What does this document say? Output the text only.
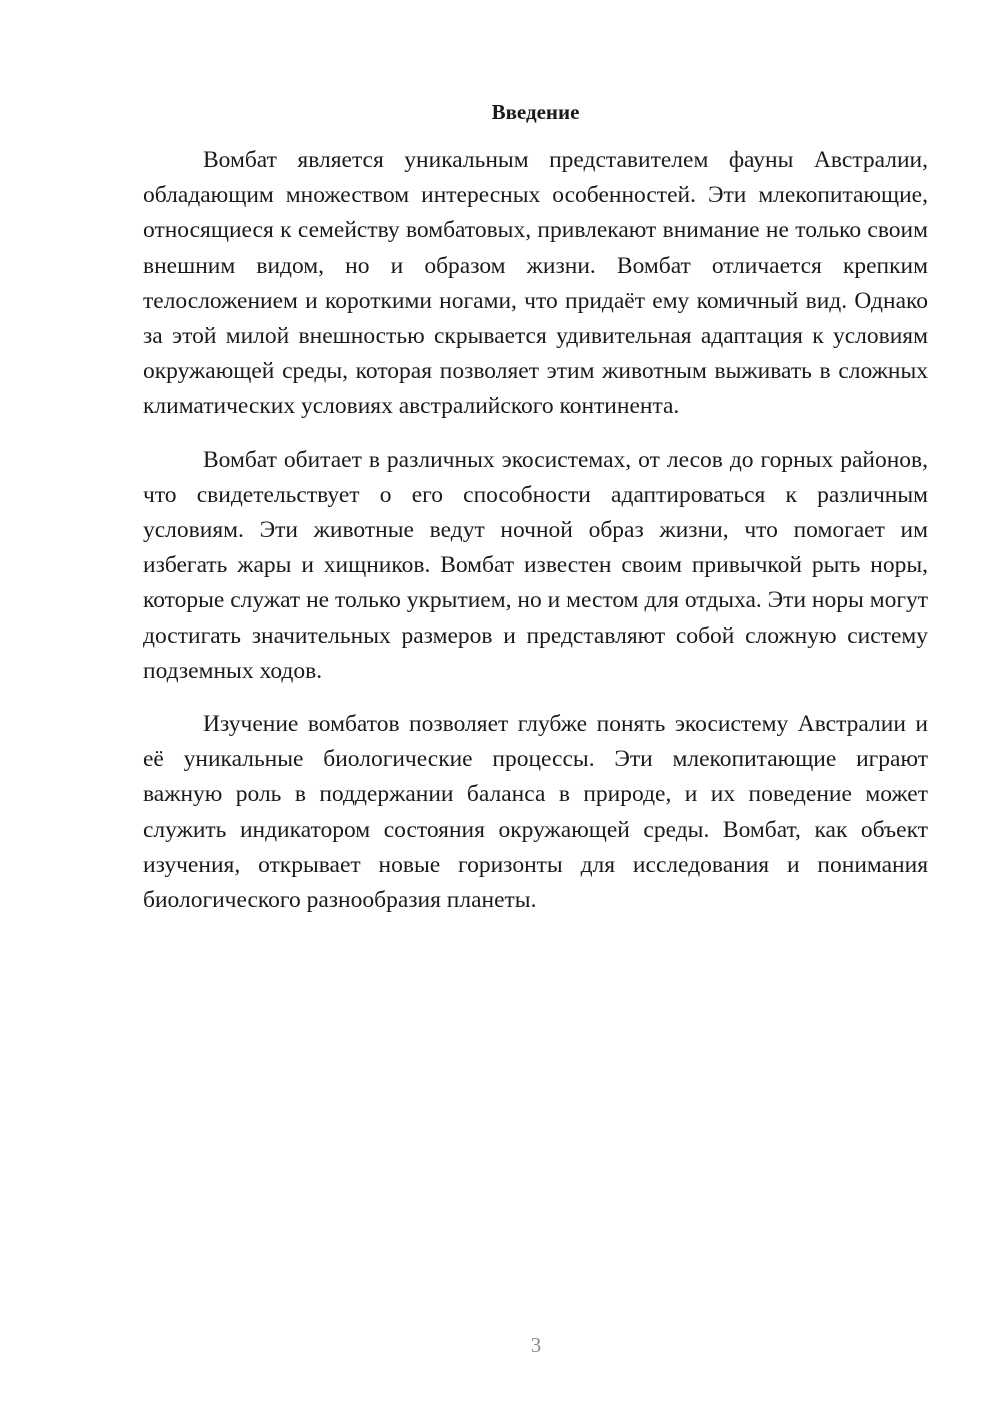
Введение

Вомбат является уникальным представителем фауны Австралии, обладающим множеством интересных особенностей. Эти млекопитающие, относящиеся к семейству вомбатовых, привлекают внимание не только своим внешним видом, но и образом жизни. Вомбат отличается крепким телосложением и короткими ногами, что придаёт ему комичный вид. Однако за этой милой внешностью скрывается удивительная адаптация к условиям окружающей среды, которая позволяет этим животным выживать в сложных климатических условиях австралийского континента.

Вомбат обитает в различных экосистемах, от лесов до горных районов, что свидетельствует о его способности адаптироваться к различным условиям. Эти животные ведут ночной образ жизни, что помогает им избегать жары и хищников. Вомбат известен своим привычкой рыть норы, которые служат не только укрытием, но и местом для отдыха. Эти норы могут достигать значительных размеров и представляют собой сложную систему подземных ходов.

Изучение вомбатов позволяет глубже понять экосистему Австралии и её уникальные биологические процессы. Эти млекопитающие играют важную роль в поддержании баланса в природе, и их поведение может служить индикатором состояния окружающей среды. Вомбат, как объект изучения, открывает новые горизонты для исследования и понимания биологического разнообразия планеты.

3
